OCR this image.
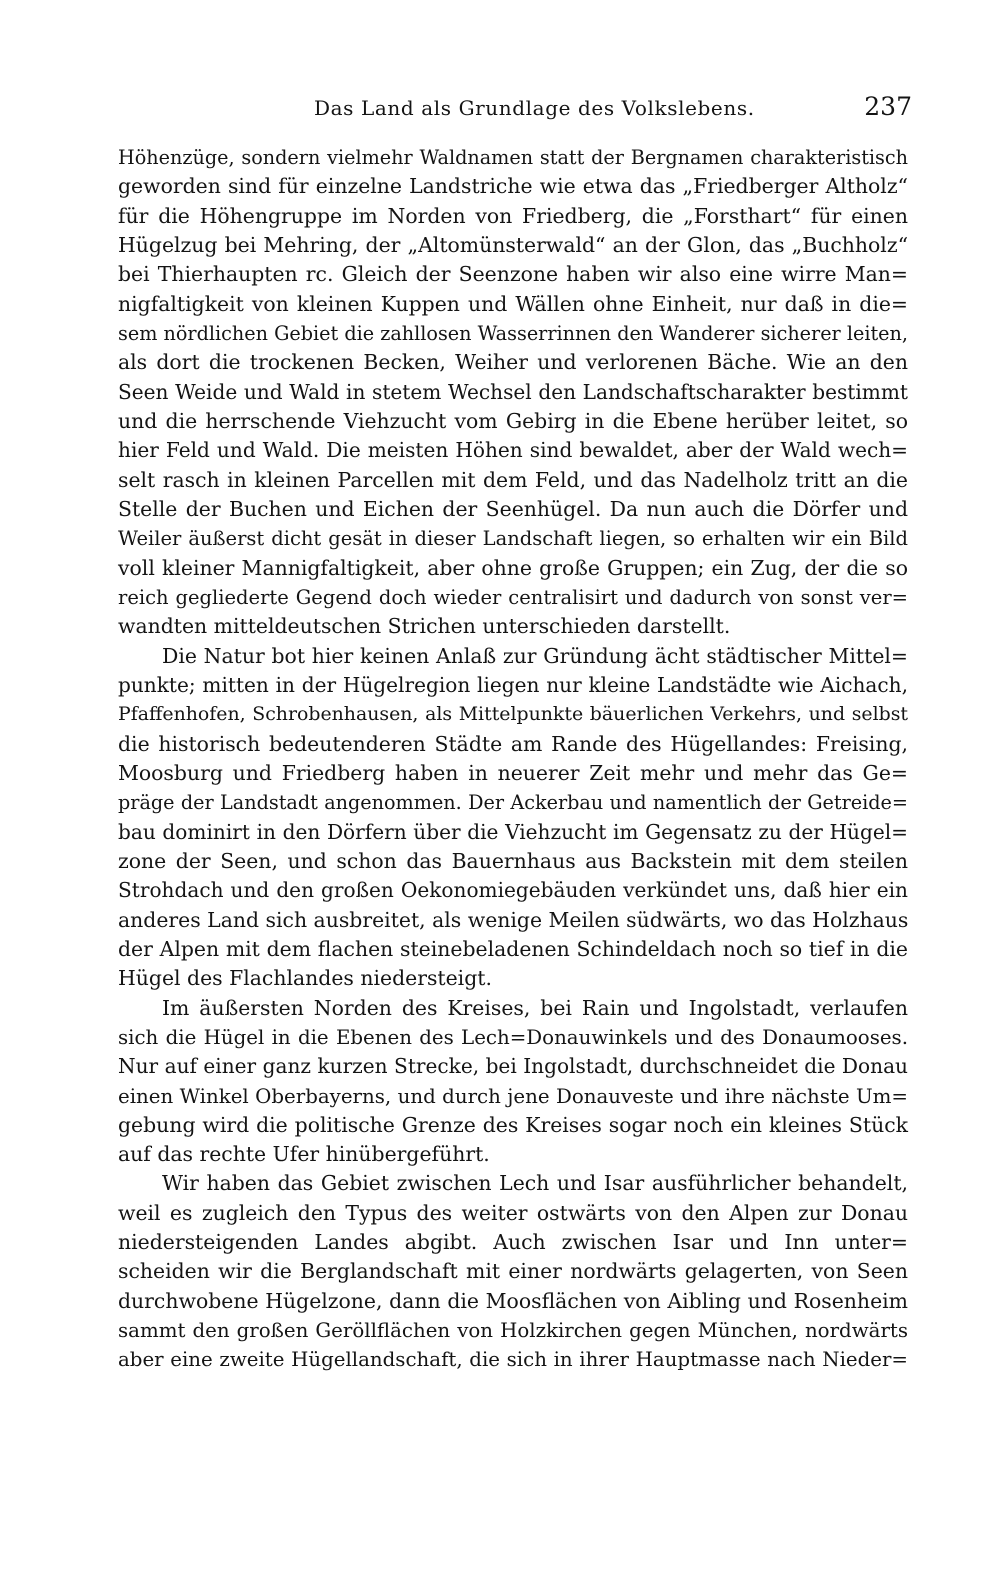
Das Land als Grundlage des Volkslebens.	237
Höhenzüge, sondern vielmehr Waldnamen statt der Bergnamen charakteristisch
geworden sind für einzelne Landstriche wie etwa das „Friedberger Altholz“
für die Höhengruppe im Norden von Friedberg, die „Forsthart“ für einen
Hügelzug bei Mehring, der „Altomünsterwald“ an der Glon, das „Buchholz“
bei Thierhaupten rc. Gleich der Seenzone haben wir also eine wirre Man=
nigfaltigkeit von kleinen Kuppen und Wällen ohne Einheit, nur daß in die=
sem nördlichen Gebiet die zahllosen Wasserrinnen den Wanderer sicherer leiten,
als dort die trockenen Becken, Weiher und verlorenen Bäche. Wie an den
Seen Weide und Wald in stetem Wechsel den Landschaftscharakter bestimmt
und die herrschende Viehzucht vom Gebirg in die Ebene herüber leitet, so
hier Feld und Wald. Die meisten Höhen sind bewaldet, aber der Wald wech=
selt rasch in kleinen Parcellen mit dem Feld, und das Nadelholz tritt an die
Stelle der Buchen und Eichen der Seenhügel. Da nun auch die Dörfer und
Weiler äußerst dicht gesät in dieser Landschaft liegen, so erhalten wir ein Bild
voll kleiner Mannigfaltigkeit, aber ohne große Gruppen; ein Zug, der die so
reich gegliederte Gegend doch wieder centralisirt und dadurch von sonst ver=
wandten mitteldeutschen Strichen unterschieden darstellt.
Die Natur bot hier keinen Anlaß zur Gründung ächt städtischer Mittel=
punkte; mitten in der Hügelregion liegen nur kleine Landstädte wie Aichach,
Pfaffenhofen, Schrobenhausen, als Mittelpunkte bäuerlichen Verkehrs, und selbst
die historisch bedeutenderen Städte am Rande des Hügellandes: Freising,
Moosburg und Friedberg haben in neuerer Zeit mehr und mehr das Ge=
präge der Landstadt angenommen. Der Ackerbau und namentlich der Getreide=
bau dominirt in den Dörfern über die Viehzucht im Gegensatz zu der Hügel=
zone der Seen, und schon das Bauernhaus aus Backstein mit dem steilen
Strohdach und den großen Oekonomiegebäuden verkündet uns, daß hier ein
anderes Land sich ausbreitet, als wenige Meilen südwärts, wo das Holzhaus
der Alpen mit dem flachen steinebeladenen Schindeldach noch so tief in die
Hügel des Flachlandes niedersteigt.
Im äußersten Norden des Kreises, bei Rain und Ingolstadt, verlaufen
sich die Hügel in die Ebenen des Lech=Donauwinkels und des Donaumooses.
Nur auf einer ganz kurzen Strecke, bei Ingolstadt, durchschneidet die Donau
einen Winkel Oberbayerns, und durch jene Donauveste und ihre nächste Um=
gebung wird die politische Grenze des Kreises sogar noch ein kleines Stück
auf das rechte Ufer hinübergeführt.
Wir haben das Gebiet zwischen Lech und Isar ausführlicher behandelt,
weil es zugleich den Typus des weiter ostwärts von den Alpen zur Donau
niedersteigenden Landes abgibt. Auch zwischen Isar und Inn unter=
scheiden wir die Berglandschaft mit einer nordwärts gelagerten, von Seen
durchwobene Hügelzone, dann die Moosflächen von Aibling und Rosenheim
sammt den großen Geröllflächen von Holzkirchen gegen München, nordwärts
aber eine zweite Hügellandschaft, die sich in ihrer Hauptmasse nach Nieder=
